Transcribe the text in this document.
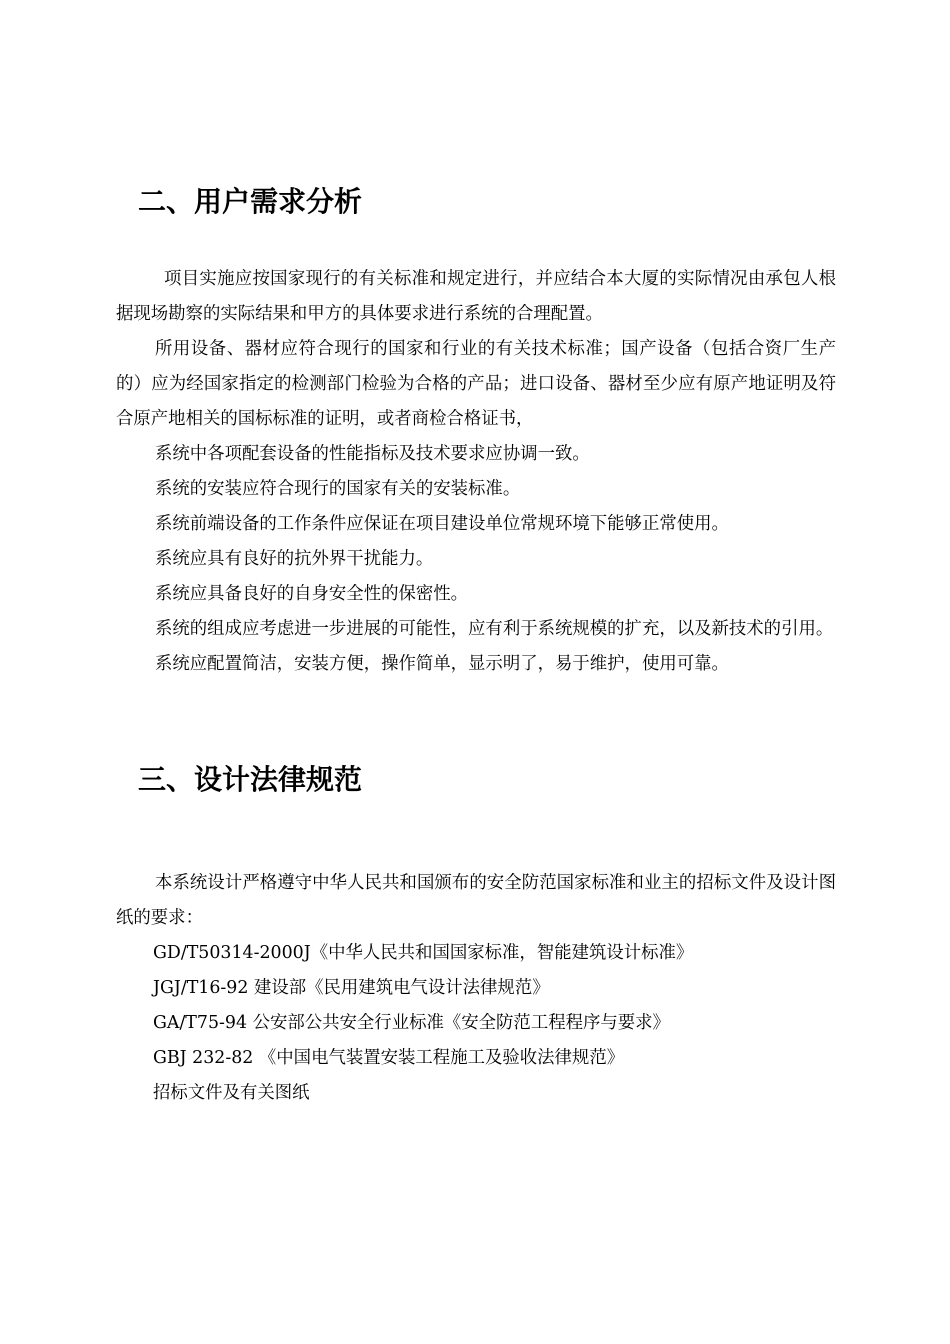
二、用户需求分析

项目实施应按国家现行的有关标准和规定进行，并应结合本大厦的实际情况由承包人根据现场勘察的实际结果和甲方的具体要求进行系统的合理配置。

所用设备、器材应符合现行的国家和行业的有关技术标准；国产设备（包括合资厂生产的）应为经国家指定的检测部门检验为合格的产品；进口设备、器材至少应有原产地证明及符合原产地相关的国标标准的证明，或者商检合格证书，

系统中各项配套设备的性能指标及技术要求应协调一致。

系统的安装应符合现行的国家有关的安装标准。

系统前端设备的工作条件应保证在项目建设单位常规环境下能够正常使用。

系统应具有良好的抗外界干扰能力。

系统应具备良好的自身安全性的保密性。

系统的组成应考虑进一步进展的可能性，应有利于系统规模的扩充，以及新技术的引用。

系统应配置简洁，安装方便，操作简单，显示明了，易于维护，使用可靠。

三、设计法律规范

本系统设计严格遵守中华人民共和国颁布的安全防范国家标准和业主的招标文件及设计图纸的要求：

GD/T50314-2000J《中华人民共和国国家标准，智能建筑设计标准》

JGJ/T16-92 建设部《民用建筑电气设计法律规范》

GA/T75-94 公安部公共安全行业标准《安全防范工程程序与要求》

GBJ 232-82 《中国电气装置安装工程施工及验收法律规范》

招标文件及有关图纸
